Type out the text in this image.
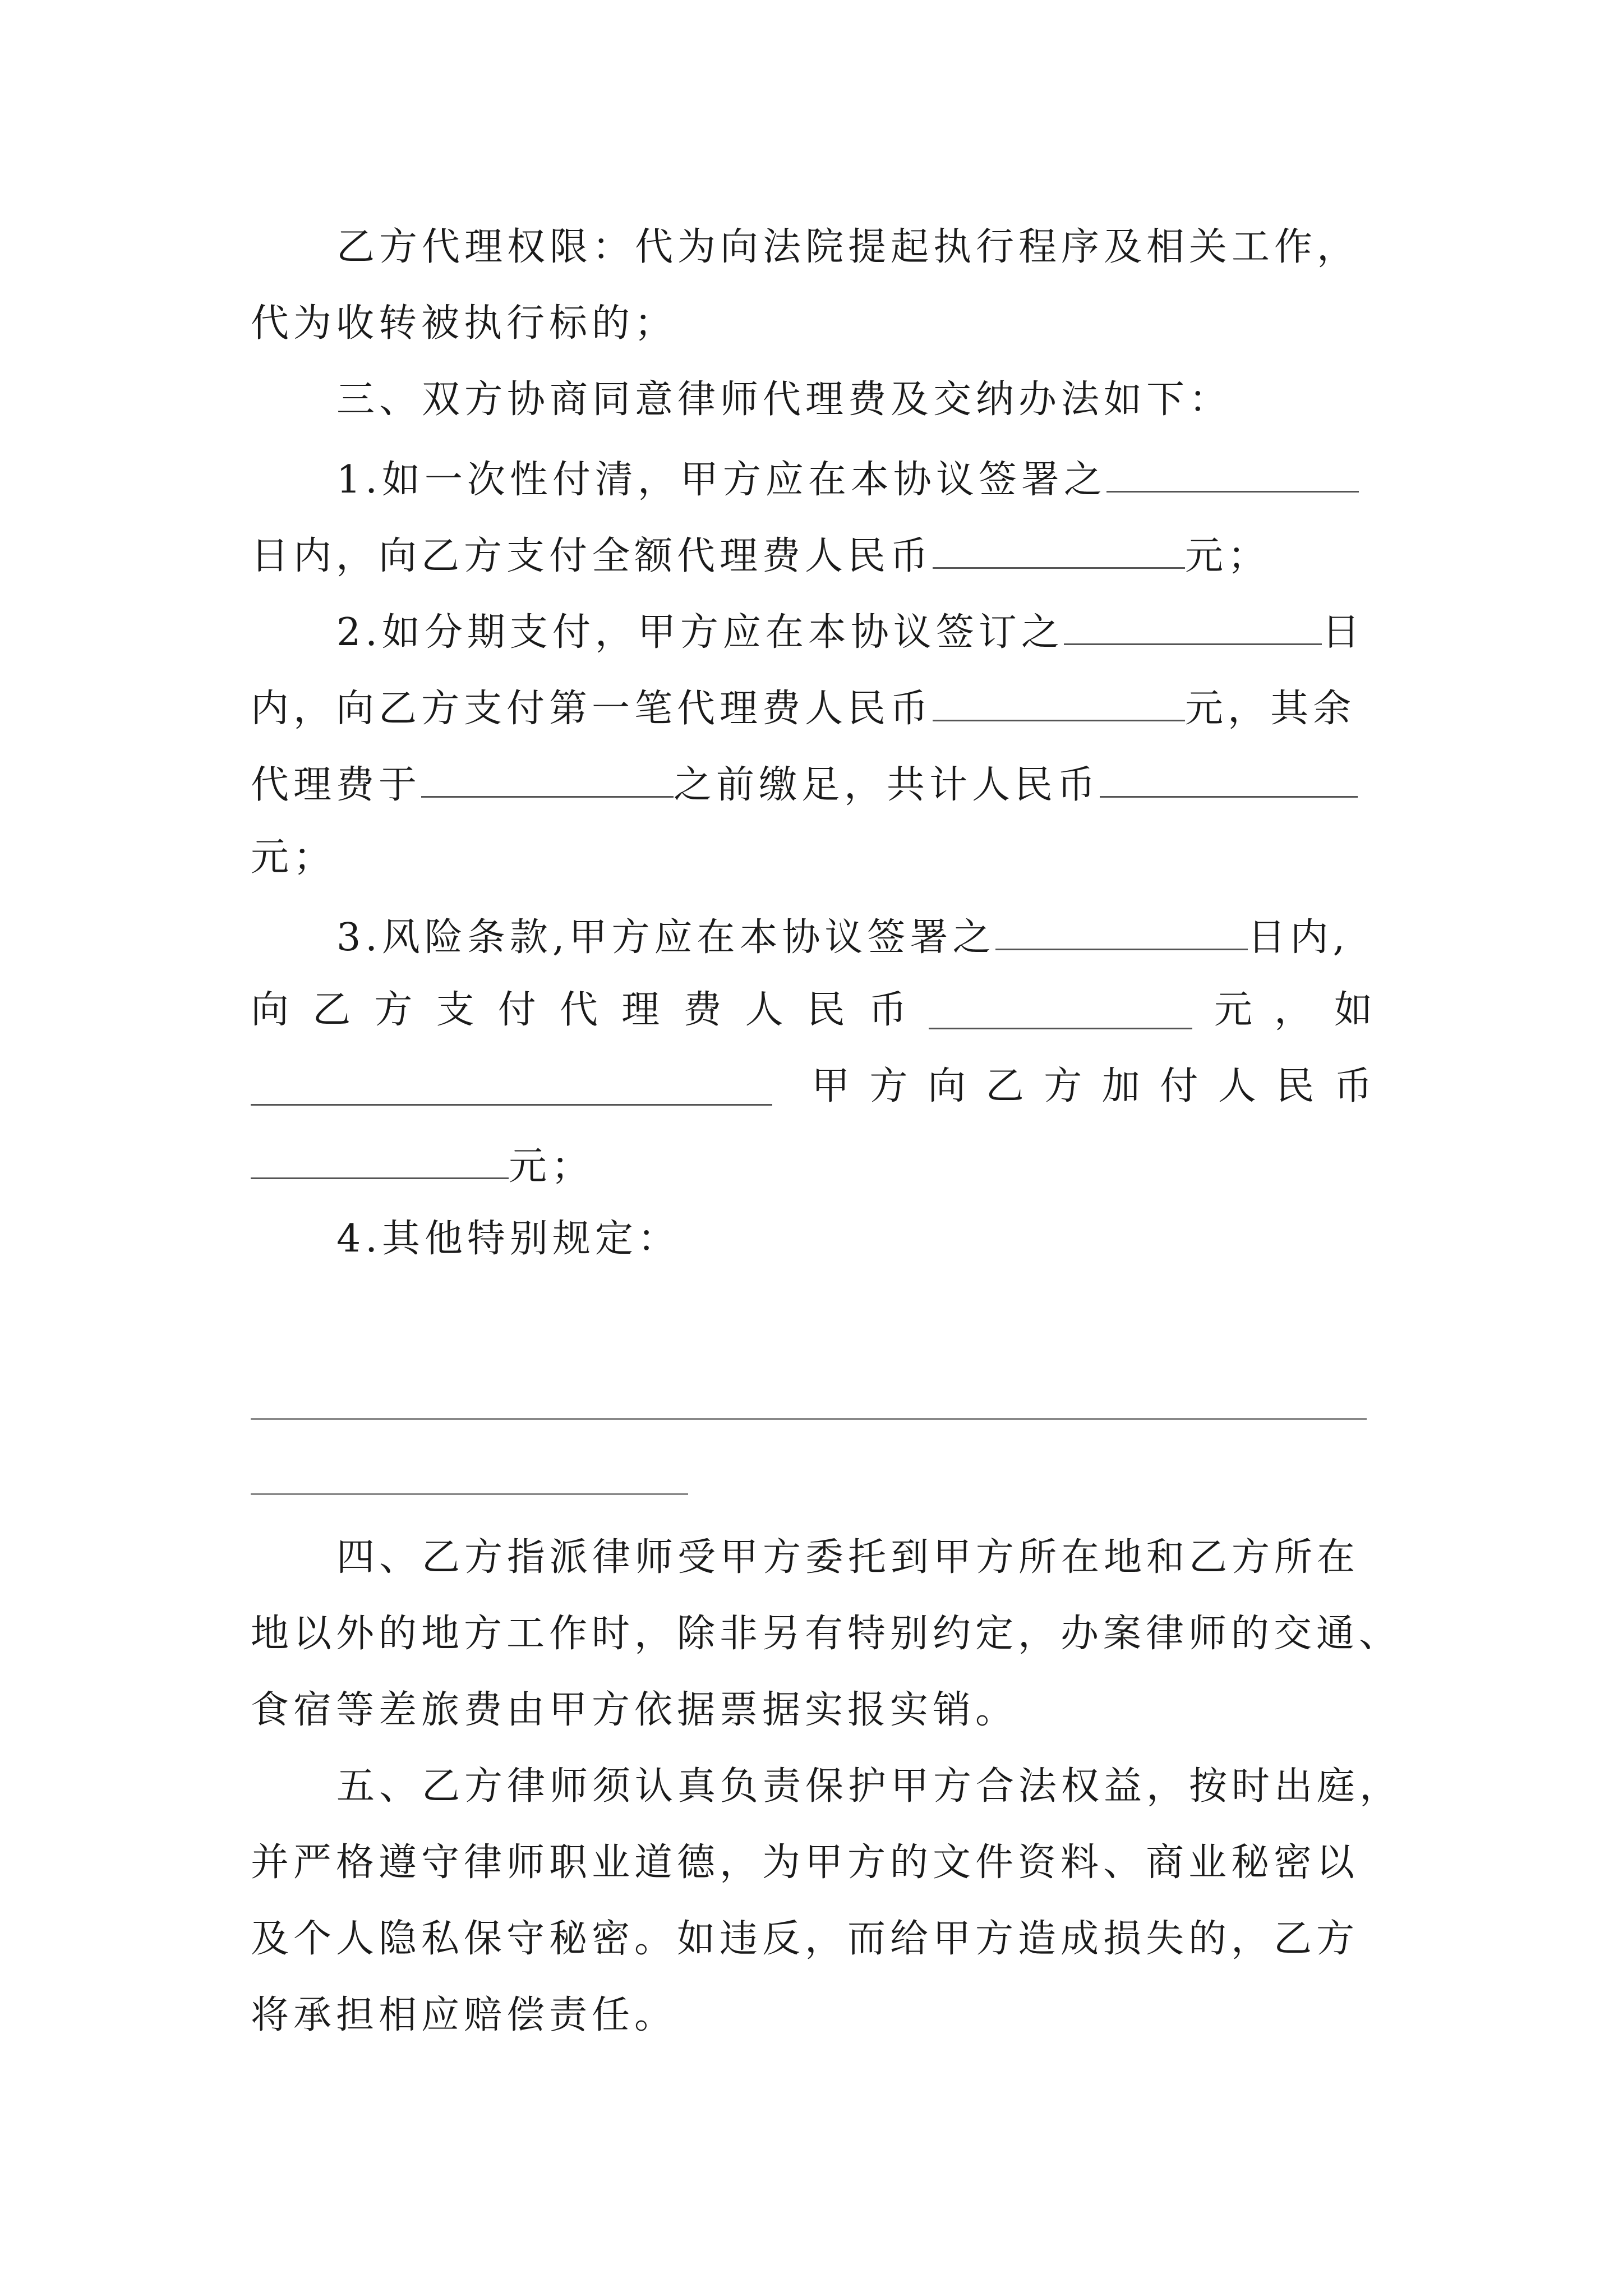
乙方代理权限：代为向法院提起执行程序及相关工作，
代为收转被执行标的；
三、双方协商同意律师代理费及交纳办法如下：
1.如一次性付清，甲方应在本协议签署之
日内，向乙方支付全额代理费人民币	元；
2.如分期支付，甲方应在本协议签订之	日
内，向乙方支付第一笔代理费人民币	元，其余
代理费于	之前缴足，共计人民币
元；
3.风险条款,甲方应在本协议签署之	日内,
向 乙 方 支 付 代 理 费 人 民 币	元 ， 如
甲 方 向 乙 方 加 付 人 民 币
元；
4.其他特别规定：
四、乙方指派律师受甲方委托到甲方所在地和乙方所在
地以外的地方工作时，除非另有特别约定，办案律师的交通、
食宿等差旅费由甲方依据票据实报实销。
五、乙方律师须认真负责保护甲方合法权益，按时出庭，
并严格遵守律师职业道德，为甲方的文件资料、商业秘密以
及个人隐私保守秘密。如违反，而给甲方造成损失的，乙方
将承担相应赔偿责任。
